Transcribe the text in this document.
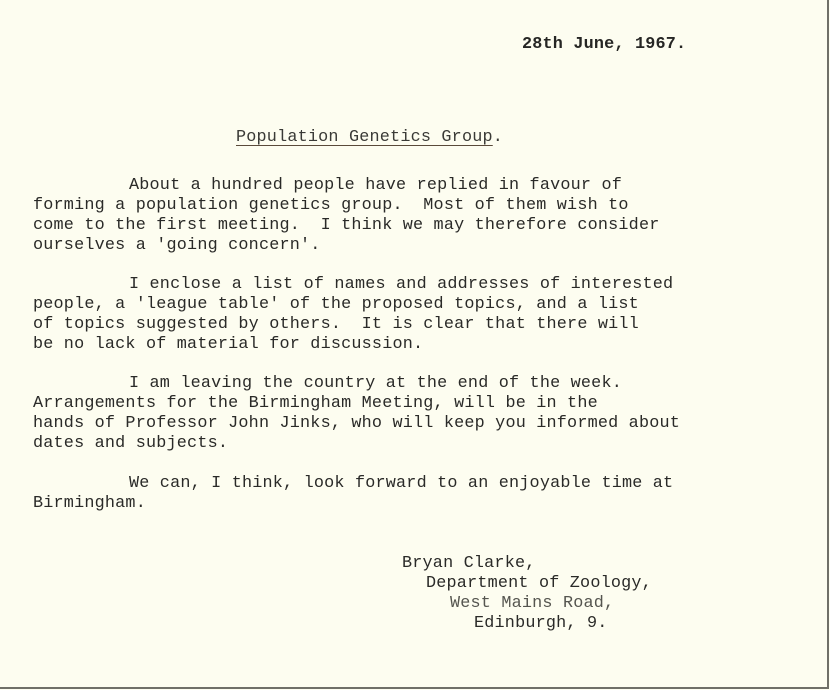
28th June, 1967.
Population Genetics Group.
About a hundred people have replied in favour of
forming a population genetics group.  Most of them wish to
come to the first meeting.  I think we may therefore consider
ourselves a 'going concern'.
I enclose a list of names and addresses of interested
people, a 'league table' of the proposed topics, and a list
of topics suggested by others.  It is clear that there will
be no lack of material for discussion.
I am leaving the country at the end of the week.
Arrangements for the Birmingham Meeting, will be in the
hands of Professor John Jinks, who will keep you informed about
dates and subjects.
We can, I think, look forward to an enjoyable time at
Birmingham.
Bryan Clarke,
Department of Zoology,
West Mains Road,
Edinburgh, 9.
